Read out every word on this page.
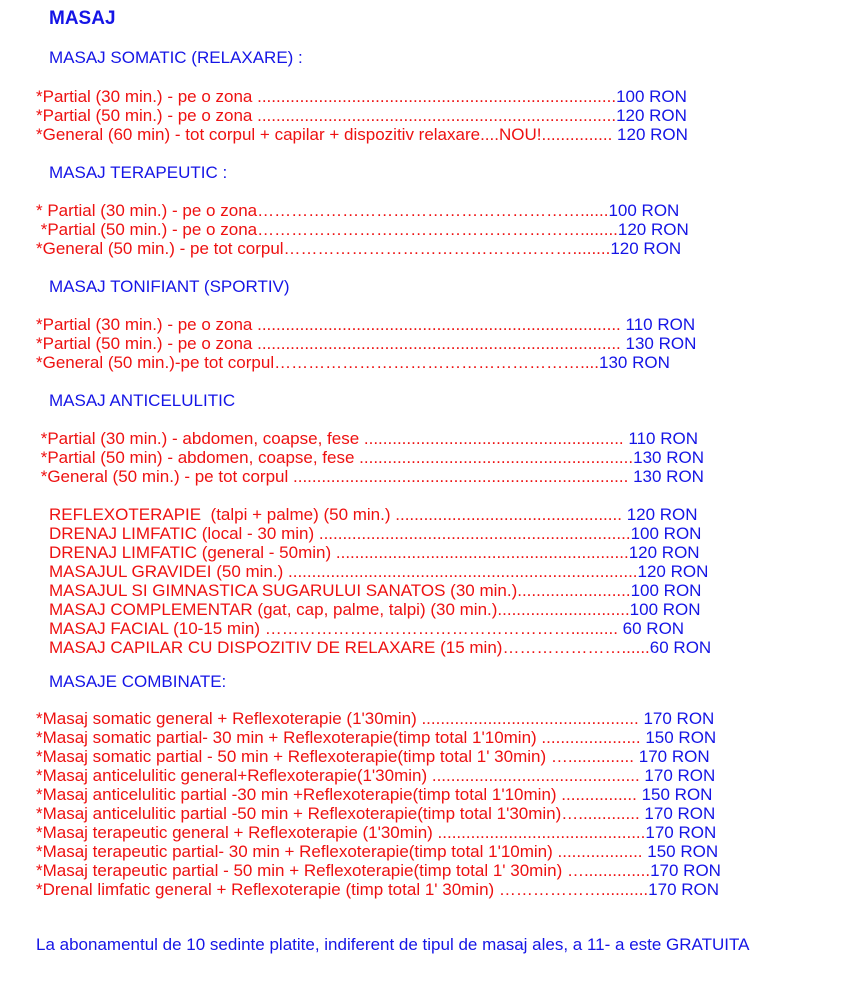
MASAJ
MASAJ SOMATIC (RELAXARE) :
*Partial (30 min.) - pe o zona ............................................................................100 RON
*Partial (50 min.) - pe o zona ............................................................................120 RON
*General (60 min) - tot corpul + capilar + dispozitiv relaxare....NOU!............... 120 RON
MASAJ TERAPEUTIC :
* Partial (30 min.) - pe o zona…………………………………………………......100 RON
*Partial (50 min.) - pe o zona…………………………………………………........120 RON
*General (50 min.) - pe tot corpul……………………………………………........120 RON
MASAJ TONIFIANT (SPORTIV)
*Partial (30 min.) - pe o zona ............................................................................. 110 RON
*Partial (50 min.) - pe o zona ............................................................................. 130 RON
*General (50 min.)-pe tot corpul………………………………………………....130 RON
MASAJ ANTICELULITIC
*Partial (30 min.) - abdomen, coapse, fese ....................................................... 110 RON
*Partial (50 min) - abdomen, coapse, fese ..........................................................130 RON
*General (50 min.) - pe tot corpul ....................................................................... 130 RON
REFLEXOTERAPIE  (talpi + palme) (50 min.) ................................................ 120 RON
DRENAJ LIMFATIC (local - 30 min) ..................................................................100 RON
DRENAJ LIMFATIC (general - 50min) ..............................................................120 RON
MASAJUL GRAVIDEI (50 min.) ..........................................................................120 RON
MASAJUL SI GIMNASTICA SUGARULUI SANATOS (30 min.)........................100 RON
MASAJ COMPLEMENTAR (gat, cap, palme, talpi) (30 min.)............................100 RON
MASAJ FACIAL (10-15 min) ……………………………………………….......... 60 RON
MASAJ CAPILAR CU DISPOZITIV DE RELAXARE (15 min)…………………......60 RON
MASAJE COMBINATE:
*Masaj somatic general + Reflexoterapie (1'30min) .............................................. 170 RON
*Masaj somatic partial- 30 min + Reflexoterapie(timp total 1'10min) ..................... 150 RON
*Masaj somatic partial - 50 min + Reflexoterapie(timp total 1' 30min) ….............. 170 RON
*Masaj anticelulitic general+Reflexoterapie(1'30min) ............................................ 170 RON
*Masaj anticelulitic partial -30 min +Reflexoterapie(timp total 1'10min) ................ 150 RON
*Masaj anticelulitic partial -50 min + Reflexoterapie(timp total 1'30min)…............. 170 RON
*Masaj terapeutic general + Reflexoterapie (1'30min) ............................................170 RON
*Masaj terapeutic partial- 30 min + Reflexoterapie(timp total 1'10min) .................. 150 RON
*Masaj terapeutic partial - 50 min + Reflexoterapie(timp total 1' 30min) …..............170 RON
*Drenal limfatic general + Reflexoterapie (timp total 1' 30min) ………………..........170 RON
La abonamentul de 10 sedinte platite, indiferent de tipul de masaj ales, a 11- a este GRATUITA
